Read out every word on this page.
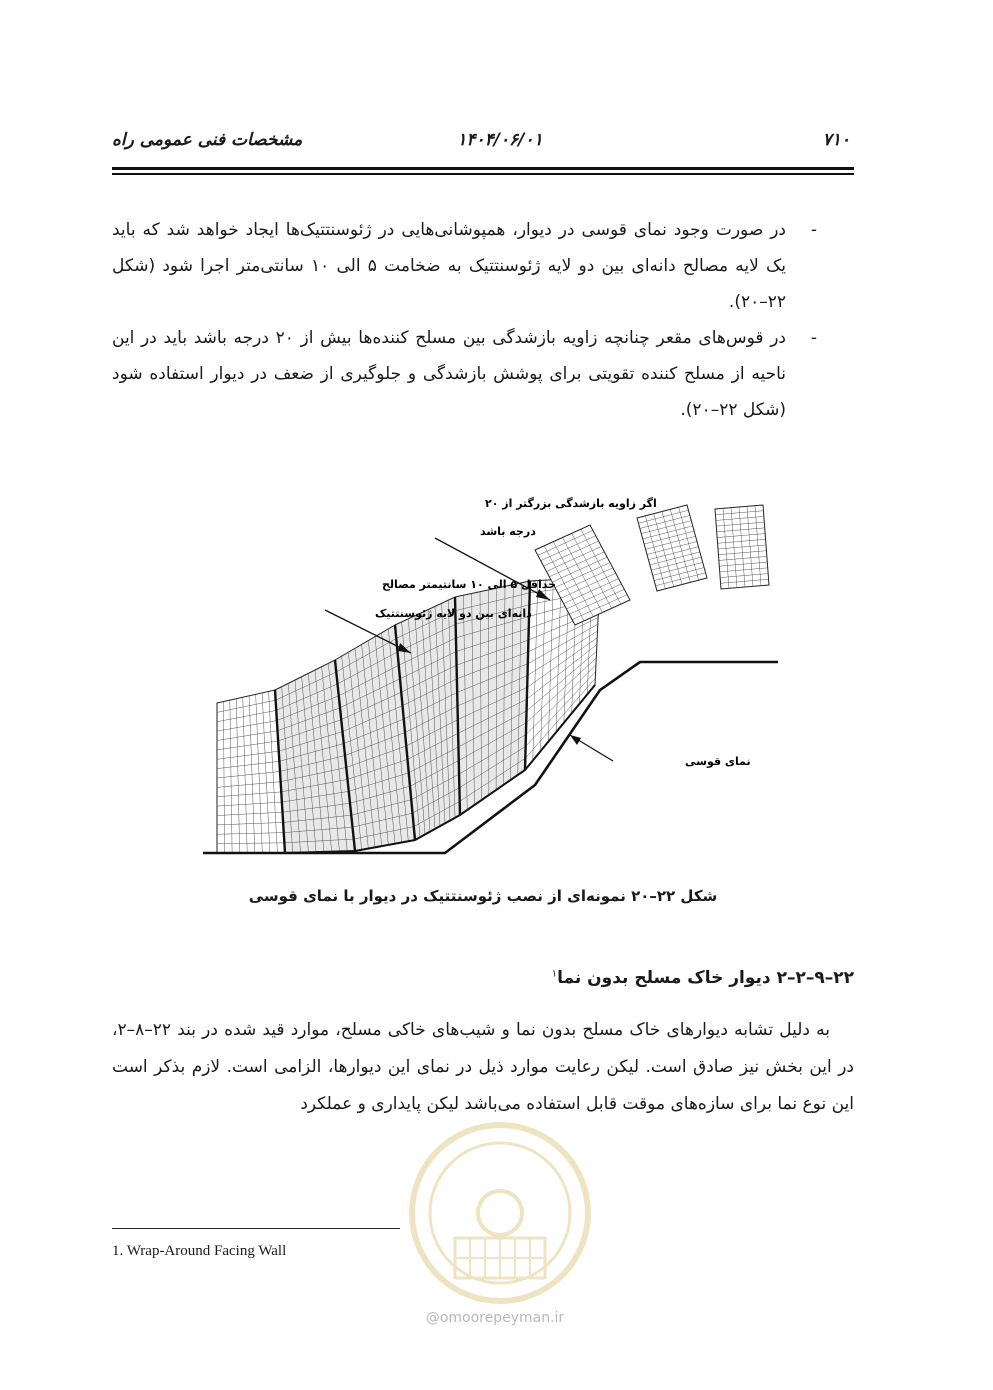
مشخصات فنی عمومی راه	۱۴۰۴/۰۶/۰۱	۷۱۰
-
در صورت وجود نمای قوسی در دیوار، همپوشانی‌هایی در ژئوسنتتیک‌ها ایجاد خواهد شد که باید یک لایه مصالح دانه‌ای بین دو لایه ژئوسنتتیک به ضخامت ۵ الی ۱۰ سانتی‌متر اجرا شود (شکل ۲۲–۲۰).
-
در قوس‌های مقعر چنانچه زاویه بازشدگی بین مسلح کننده‌ها بیش از ۲۰ درجه باشد باید در این ناحیه از مسلح کننده تقویتی برای پوشش بازشدگی و جلوگیری از ضعف در دیوار استفاده شود (شکل ۲۲–۲۰).
اگر زاویه بازشدگی بزرگتر از ۲۰
درجه باشد
حداقل ۵ الی ۱۰ سانتیمتر مصالح
دانه‌ای بین دو لایه ژئوسنتتیک
نمای قوسی
شکل ۲۲–۲۰ نمونه‌ای از نصب ژئوسنتتیک در دیوار با نمای قوسی
۲۲–۹–۲–۲ دیوار خاک مسلح بدون نما$^۱$
به دلیل تشابه دیوارهای خاک مسلح بدون نما و شیب‌های خاکی مسلح، موارد قید شده در بند ۲۲–۸–۲، در این بخش نیز صادق است. لیکن رعایت موارد ذیل در نمای این دیوارها، الزامی است. لازم بذکر است این نوع نما برای سازه‌های موقت قابل استفاده می‌باشد لیکن پایداری و عملکرد
@omoorepeyman.ir
1. Wrap-Around Facing Wall
